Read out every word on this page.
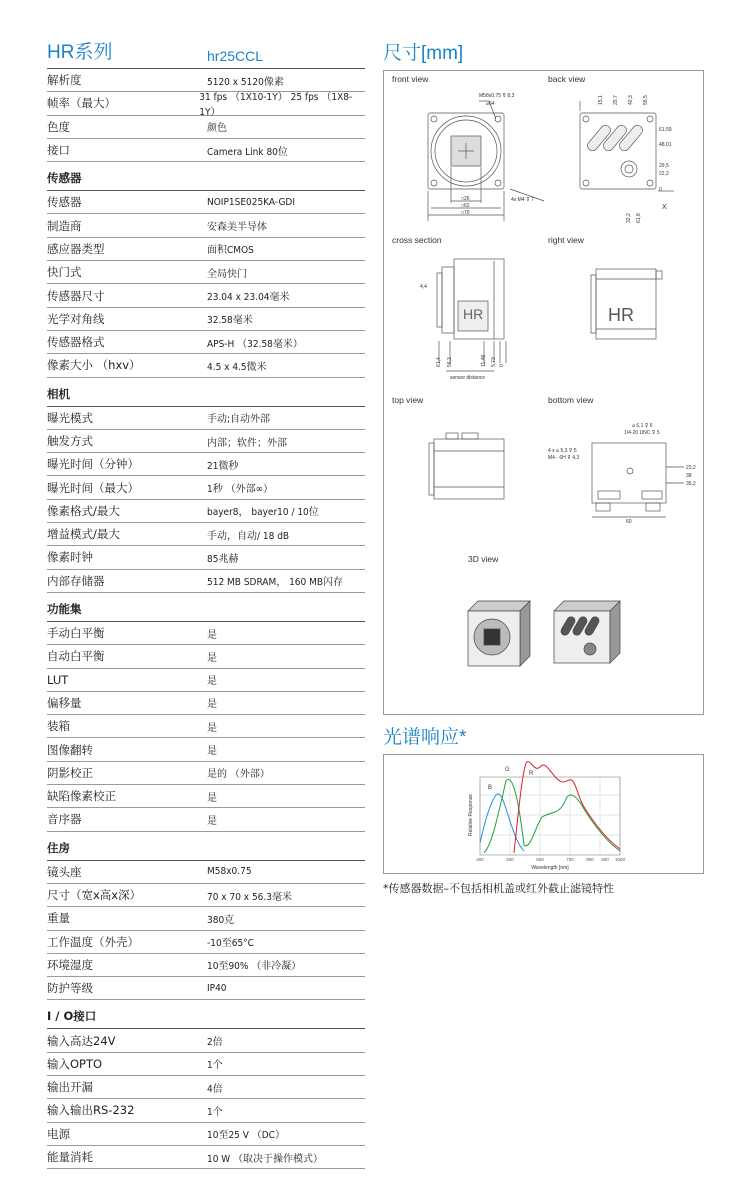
HR系列	hr25CCL
解析度	5120 x 5120像素
帧率（最大）	31 fps （1X10-1Y） 25 fps （1X8-1Y）
色度	颜色
接口	Camera Link 80位
传感器
传感器	NOIP1SE025KA-GDI
制造商	安森美半导体
感应器类型	面积CMOS
快门式	全局快门
传感器尺寸	23.04 x 23.04毫米
光学对角线	32.58毫米
传感器格式	APS-H （32.58毫米）
像素大小 （hxv）	4.5 x 4.5微米
相机
曝光模式	手动;自动外部
触发方式	内部；软件；外部
曝光时间（分钟）	21微秒
曝光时间（最大）	1秒 （外部∞）
像素格式/最大	bayer8， bayer10 / 10位
增益模式/最大	手动，自动/ 18 dB
像素时钟	85兆赫
内部存储器	512 MB SDRAM， 160 MB闪存
功能集
手动白平衡	是
自动白平衡	是
LUT	是
偏移量	是
装箱	是
图像翻转	是
阴影校正	是的 （外部）
缺陷像素校正	是
音序器	是
住房
镜头座	M58x0.75
尺寸（宽x高x深）	70 x 70 x 56.3毫米
重量	380克
工作温度（外壳）	-10至65°C
环境湿度	10至90% （非冷凝）
防护等级	IP40
I / O接口
输入高达24V	2倍
输入OPTO	1个
输出开漏	4倍
输入输出RS-232	1个
电源	10至25 V （DC）
能量消耗	10 W （取决于操作模式）
尺寸[mm]
front view	back view
cross section	right view
top view	bottom view
3D view
M58x0.75 ⊽ 8,3
⌀64
□26
□62
□70
4x M4 ⊽ 7
61,59
48,01
29,5
22,2
0
X
15,1 25,7 40,3 55,5
32,2 61,8
4,4
HR
sensor distance
61,4 56,3	11,48 5,73 0
HR
⌀ 6,1 ⊽ 6
1/4-20 UNC ⊽ 5
4 x ⌀ 5,3 ⊽ 5
M4 - 6H ⊽ 4,3
23,2
38
35,2
60
光谱响应*
B
G
R
400	500	600	700	800 900 1000
Wavelength [nm]
Relative Response
*传感器数据–不包括相机盖或红外截止滤镜特性
